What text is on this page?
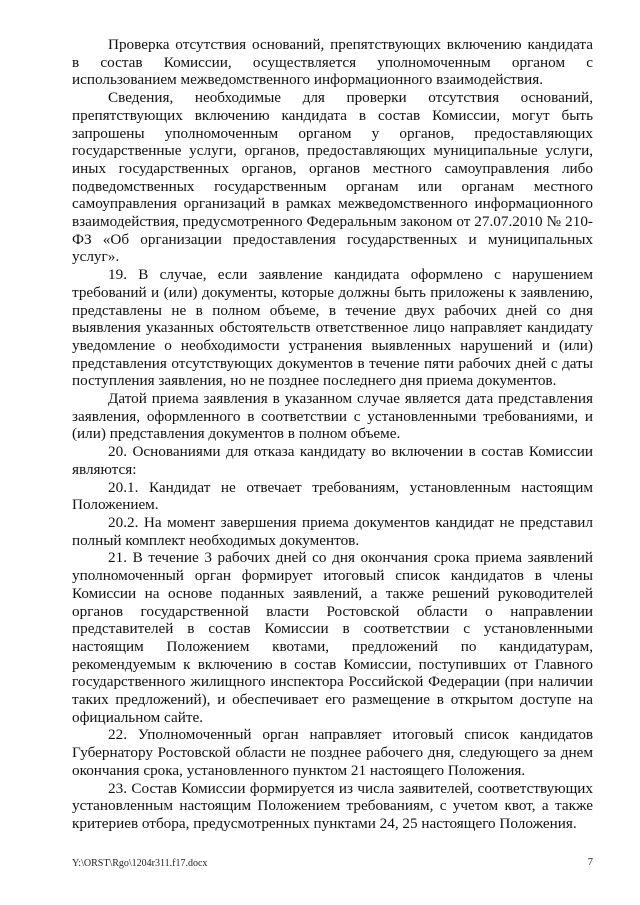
Проверка отсутствия оснований, препятствующих включению кандидата в состав Комиссии, осуществляется уполномоченным органом с использованием межведомственного информационного взаимодействия.

Сведения, необходимые для проверки отсутствия оснований, препятствующих включению кандидата в состав Комиссии, могут быть запрошены уполномоченным органом у органов, предоставляющих государственные услуги, органов, предоставляющих муниципальные услуги, иных государственных органов, органов местного самоуправления либо подведомственных государственным органам или органам местного самоуправления организаций в рамках межведомственного информационного взаимодействия, предусмотренного Федеральным законом от 27.07.2010 № 210-ФЗ «Об организации предоставления государственных и муниципальных услуг».

19. В случае, если заявление кандидата оформлено с нарушением требований и (или) документы, которые должны быть приложены к заявлению, представлены не в полном объеме, в течение двух рабочих дней со дня выявления указанных обстоятельств ответственное лицо направляет кандидату уведомление о необходимости устранения выявленных нарушений и (или) представления отсутствующих документов в течение пяти рабочих дней с даты поступления заявления, но не позднее последнего дня приема документов.

Датой приема заявления в указанном случае является дата представления заявления, оформленного в соответствии с установленными требованиями, и (или) представления документов в полном объеме.

20. Основаниями для отказа кандидату во включении в состав Комиссии являются:

20.1. Кандидат не отвечает требованиям, установленным настоящим Положением.

20.2. На момент завершения приема документов кандидат не представил полный комплект необходимых документов.

21. В течение 3 рабочих дней со дня окончания срока приема заявлений уполномоченный орган формирует итоговый список кандидатов в члены Комиссии на основе поданных заявлений, а также решений руководителей органов государственной власти Ростовской области о направлении представителей в состав Комиссии в соответствии с установленными настоящим Положением квотами, предложений по кандидатурам, рекомендуемым к включению в состав Комиссии, поступивших от Главного государственного жилищного инспектора Российской Федерации (при наличии таких предложений), и обеспечивает его размещение в открытом доступе на официальном сайте.

22. Уполномоченный орган направляет итоговый список кандидатов Губернатору Ростовской области не позднее рабочего дня, следующего за днем окончания срока, установленного пунктом 21 настоящего Положения.

23. Состав Комиссии формируется из числа заявителей, соответствующих установленным настоящим Положением требованиям, с учетом квот, а также критериев отбора, предусмотренных пунктами 24, 25 настоящего Положения.

Y:\ORST\Rgo\1204r311.f17.docx	7
